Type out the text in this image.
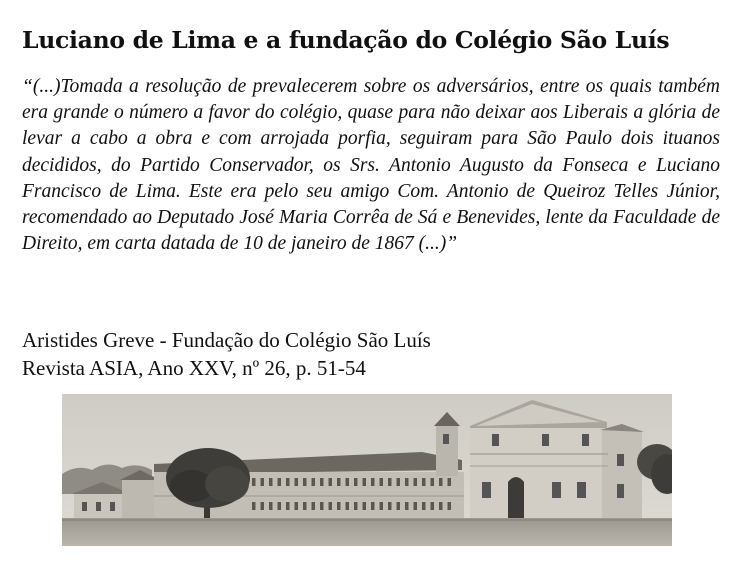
Luciano de Lima e a fundação do Colégio São Luís

“(...)Tomada a resolução de prevalecerem sobre os adversários, entre os quais também era grande o número a favor do colégio, quase para não deixar aos Liberais a glória de levar a cabo a obra e com arrojada porfia, seguiram para São Paulo dois ituanos decididos, do Partido Conservador, os Srs. Antonio Augusto da Fonseca e Luciano Francisco de Lima. Este era pelo seu amigo Com. Antonio de Queiroz Telles Júnior, recomendado ao Deputado José Maria Corrêa de Sá e Benevides, lente da Faculdade de Direito, em carta datada de 10 de janeiro de 1867 (...)”

Aristides Greve - Fundação do Colégio São Luís
Revista ASIA, Ano XXV, nº 26, p. 51-54
